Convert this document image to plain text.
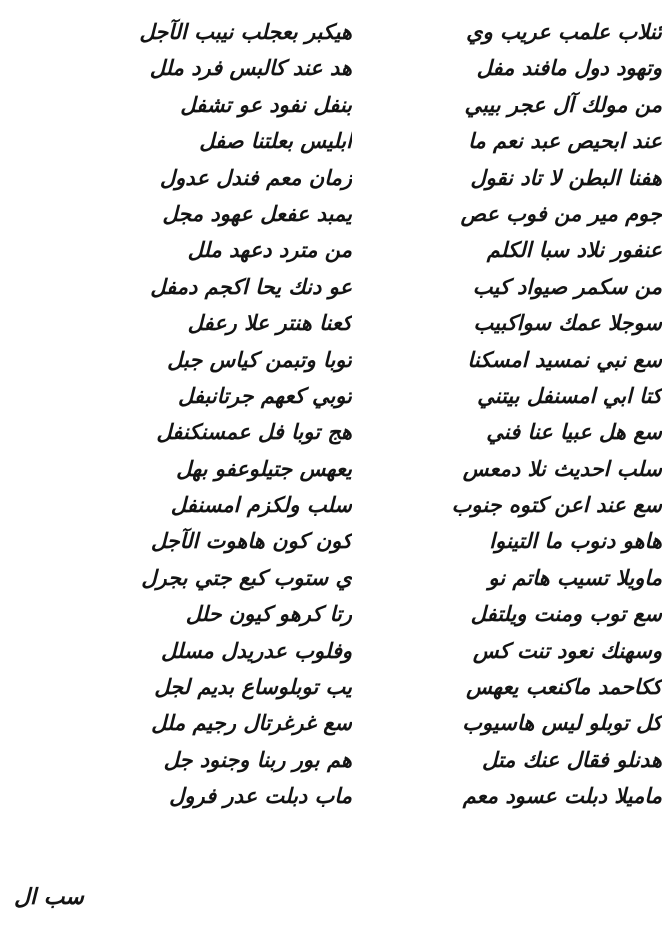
هيكبر بعجلب نيبب الآجل	تُنلاب علمب عريب وي
هد عند كالبس فرد ملل	وتهود دول مافند مفل
بنفل نفود عو تشفل	من مولك آل عجر بيبي
ابليس بعلتنا صفل	عند ابحيص عبد نعم ما
زمان معم فندل عدول	هفنا البطن لا تاد نقول
يمبد عفعل عهود مجل	جوم مير من فوب عص
من مترد دعهد ملل	عنفور نلاد سبا الكلم
عو دنك يحا اكجم دمفل	من سكمر صيواد كيب
كعنا هنتر علا رعفل	سوجلا عمك سواكبيب
توبا وتبمن كياس جبل	سع نبي نمسيد امسكنا
توبي كعهم جرتانبفل	كتا ابي امسنفل بيتني
هج توبا فل عمسنكنفل	سع هل عبيا عنا فني
يعهس جتيلوعفو بهل	سلب احديث نلا دمعس
سلب ولكزم امسنفل	سع عند اعن كتوه جنوب
كون كون هاهوت الآجل	هاهو دنوب ما التينوا
ي ستوب كبع جتي بجرل	ماويلا تسيب هاتم نو
رتا كرهو كيون حلل	سع توب ومنت ويلتفل
وفلوب عدريدل مسلل	وسهنك نعود تنت كس
يب توبلوساع بديم لجل	ككاحمد ماكنعب يعهس
سع غرغرتال رجيم ملل	كل توبلو ليس هاسيوب
هم بور ربنا وجنود جل	هدنلو فقال عنك متل
ماب دبلت عدر فرول	ماميلا دبلت عسود معم
سب ال
